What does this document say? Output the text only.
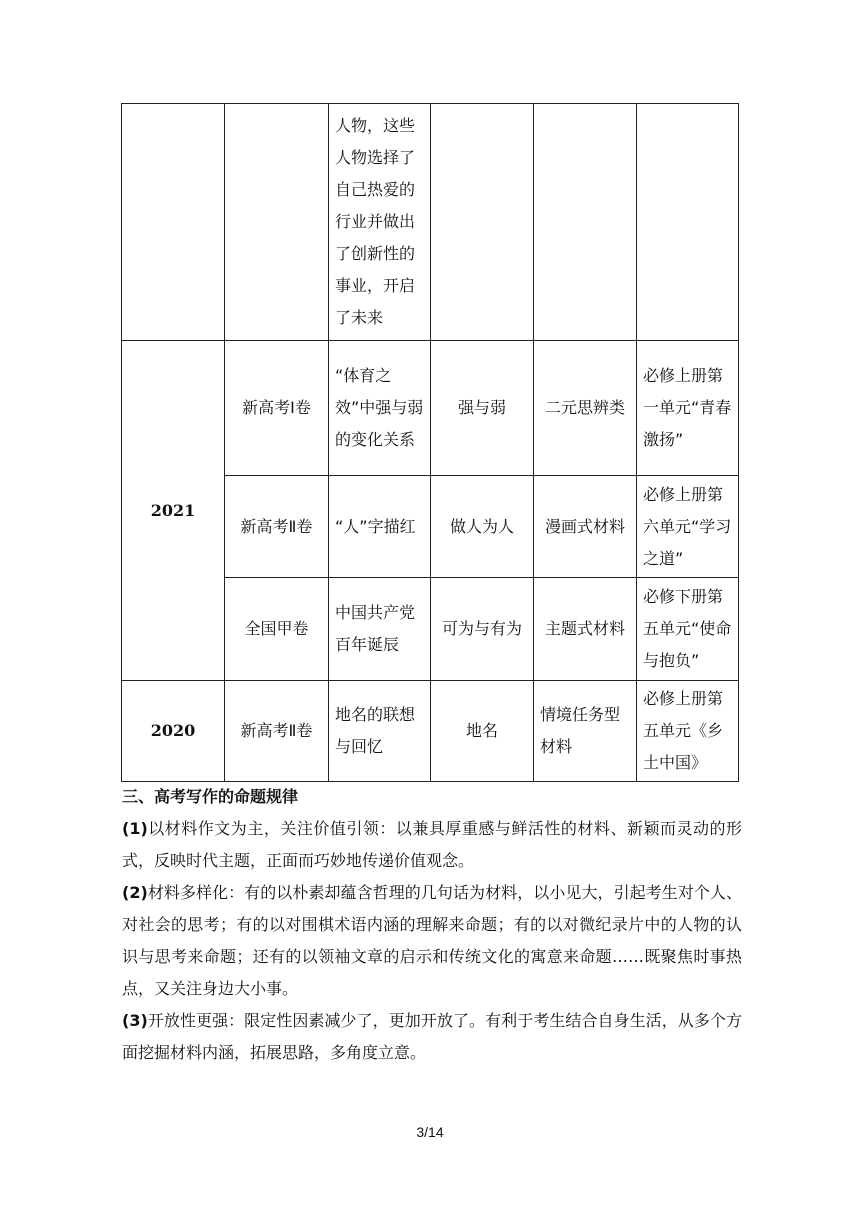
		人物，这些人物选择了自己热爱的行业并做出了创新性的事业，开启了未来			
2021	新高考Ⅰ卷	“体育之效”中强与弱的变化关系	强与弱	二元思辨类	必修上册第一单元“青春激扬”
	新高考Ⅱ卷	“人”字描红	做人为人	漫画式材料	必修上册第六单元“学习之道”
	全国甲卷	中国共产党百年诞辰	可为与有为	主题式材料	必修下册第五单元“使命与抱负”
2020	新高考Ⅱ卷	地名的联想与回忆	地名	情境任务型材料	必修上册第五单元《乡土中国》
三、高考写作的命题规律

(1)以材料作文为主，关注价值引领：以兼具厚重感与鲜活性的材料、新颖而灵动的形式，反映时代主题，正面而巧妙地传递价值观念。

(2)材料多样化：有的以朴素却蕴含哲理的几句话为材料，以小见大，引起考生对个人、对社会的思考；有的以对围棋术语内涵的理解来命题；有的以对微纪录片中的人物的认识与思考来命题；还有的以领袖文章的启示和传统文化的寓意来命题……既聚焦时事热点，又关注身边大小事。

(3)开放性更强：限定性因素减少了，更加开放了。有利于考生结合自身生活，从多个方面挖掘材料内涵，拓展思路，多角度立意。

3/14
